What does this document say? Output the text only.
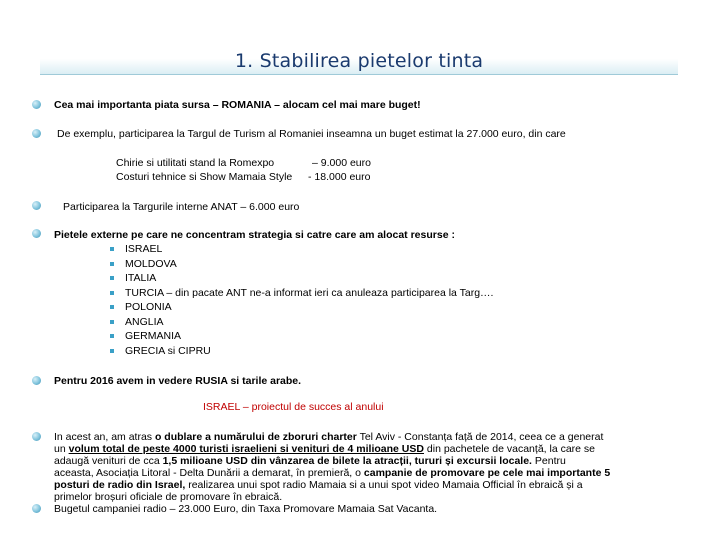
1. Stabilirea pietelor tinta
Cea mai importanta piata sursa – ROMANIA – alocam cel mai mare buget!
De exemplu, participarea la Targul de Turism al Romaniei inseamna un buget estimat la 27.000 euro, din care
Chirie si utilitati stand la Romexpo	– 9.000 euro
Costuri tehnice si Show Mamaia Style - 18.000 euro
Participarea la Targurile interne ANAT – 6.000 euro
Pietele externe pe care ne concentram strategia si catre care am alocat resurse :
ISRAEL
MOLDOVA
ITALIA
TURCIA – din pacate ANT ne-a informat ieri ca anuleaza participarea la Targ….
POLONIA
ANGLIA
GERMANIA
GRECIA si CIPRU
Pentru 2016 avem in vedere RUSIA si tarile arabe.
ISRAEL – proiectul de succes al anului
In acest an, am atras o dublare a numărului de zboruri charter Tel Aviv - Constanța față de 2014, ceea ce a generat
un volum total de peste 4000 turisti israelieni si venituri de 4 milioane USD din pachetele de vacanță, la care se
adaugă venituri de cca 1,5 milioane USD din vânzarea de bilete la atracții, tururi și excursii locale. Pentru
aceasta, Asociația Litoral - Delta Dunării a demarat, în premieră, o campanie de promovare pe cele mai importante 5
posturi de radio din Israel, realizarea unui spot radio Mamaia si a unui spot video Mamaia Official în ebraică și a
primelor broșuri oficiale de promovare în ebraică.
Bugetul campaniei radio – 23.000 Euro, din Taxa Promovare Mamaia Sat Vacanta.
